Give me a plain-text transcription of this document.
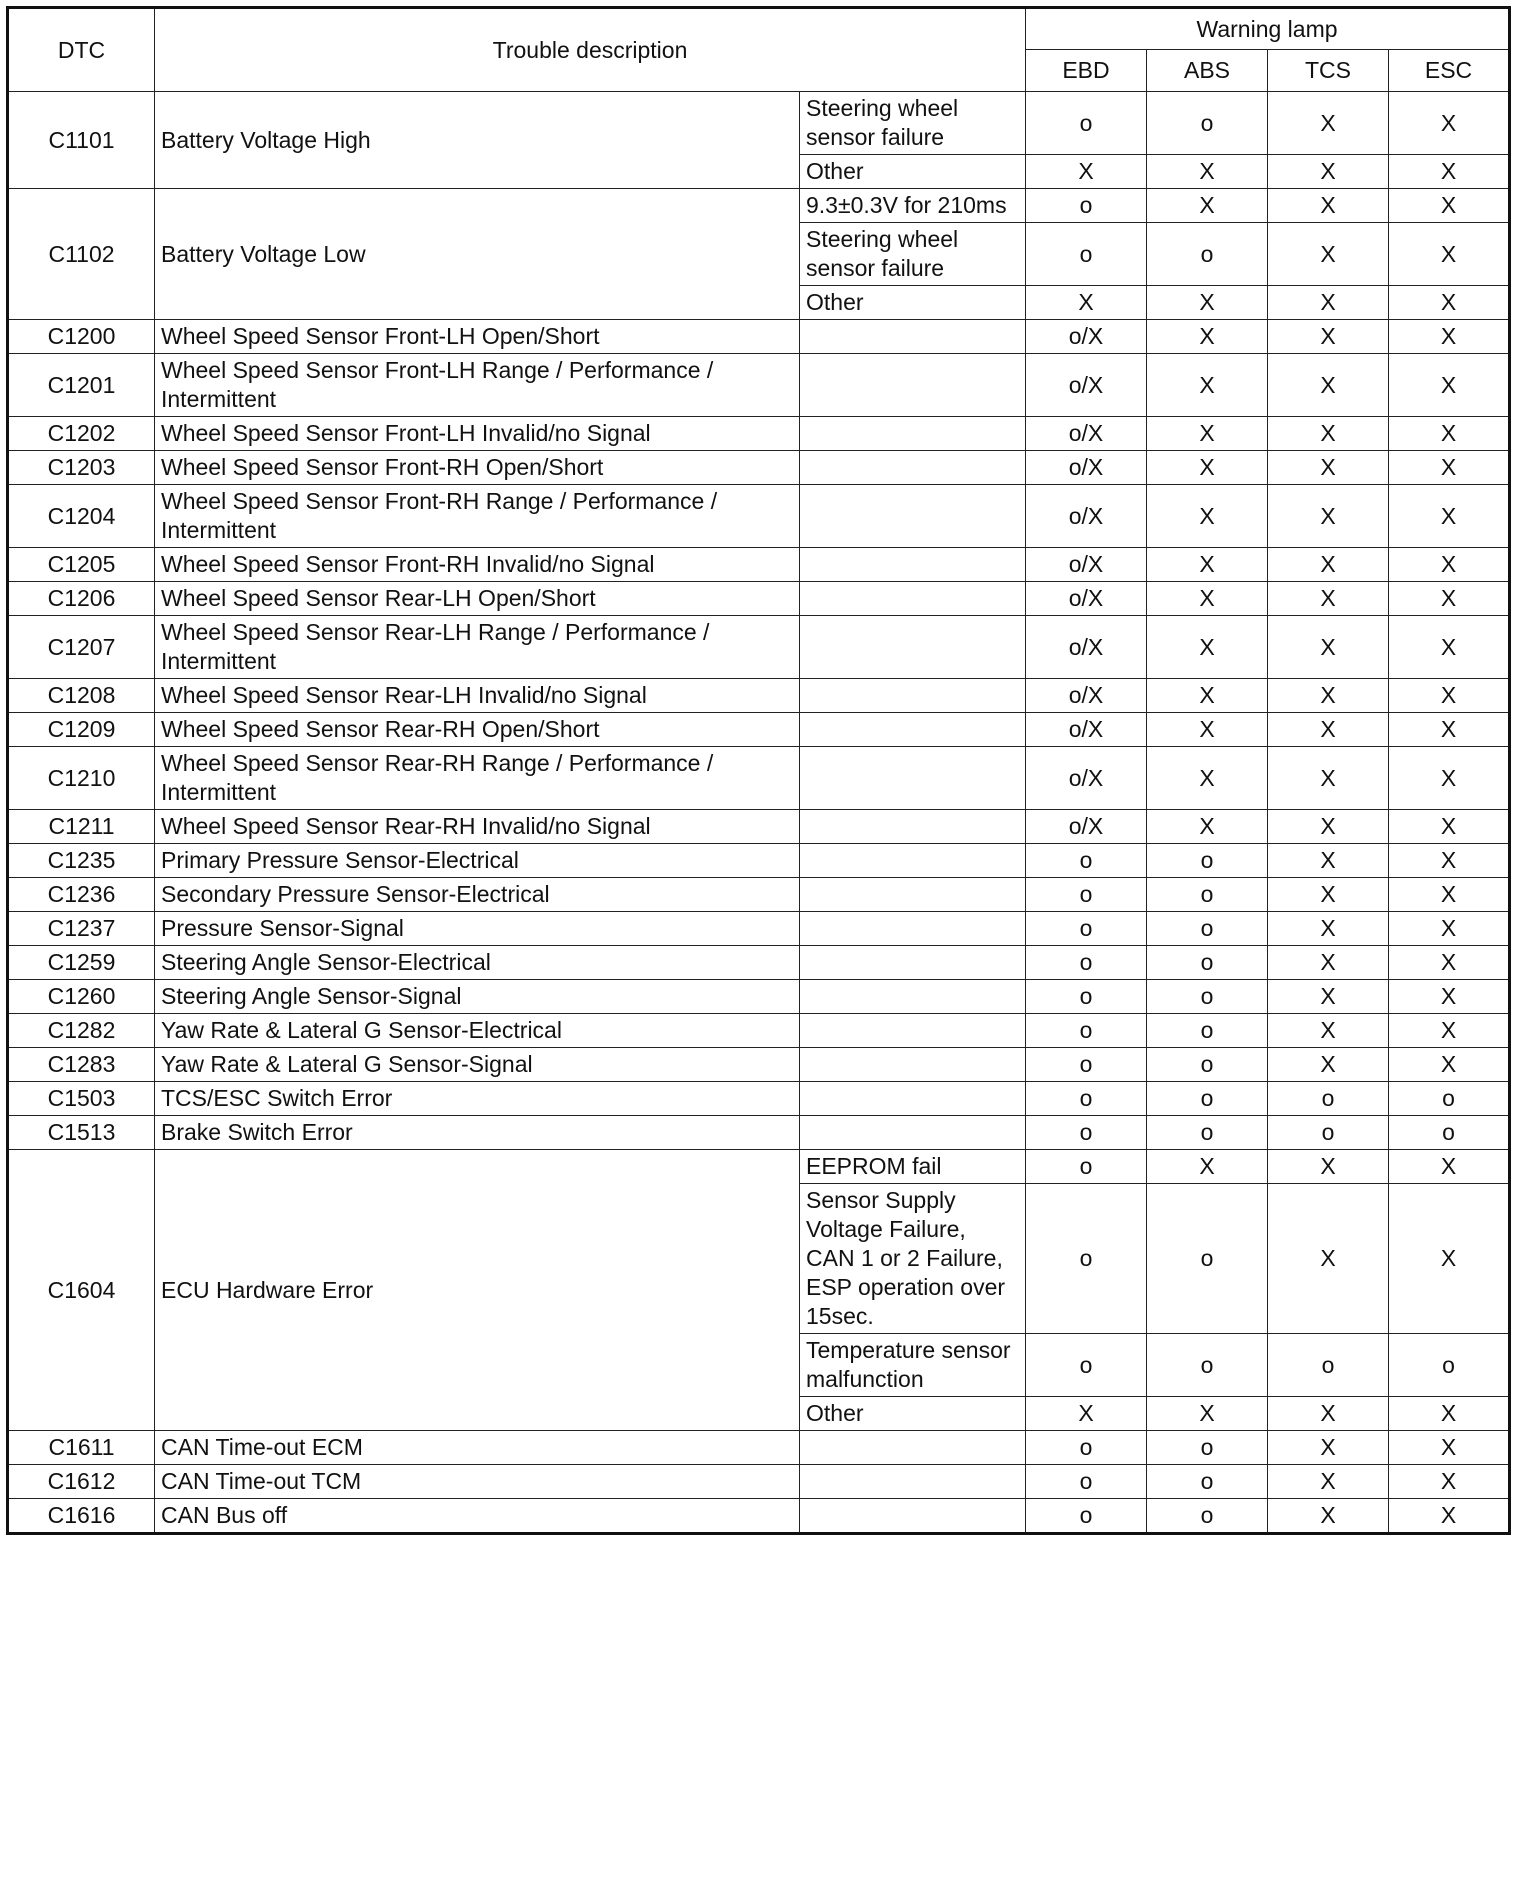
DTC	Trouble description		Warning lamp			
			EBD	ABS	TCS	ESC
C1101	Battery Voltage High	Steering wheel sensor failure	o	o	X	X
		Other	X	X	X	X
C1102	Battery Voltage Low	9.3±0.3V for 210ms	o	X	X	X
		Steering wheel sensor failure	o	o	X	X
		Other	X	X	X	X
C1200	Wheel Speed Sensor Front-LH Open/Short		o/X	X	X	X
C1201	Wheel Speed Sensor Front-LH Range / Performance / Intermittent		o/X	X	X	X
C1202	Wheel Speed Sensor Front-LH Invalid/no Signal		o/X	X	X	X
C1203	Wheel Speed Sensor Front-RH Open/Short		o/X	X	X	X
C1204	Wheel Speed Sensor Front-RH Range / Performance / Intermittent		o/X	X	X	X
C1205	Wheel Speed Sensor Front-RH Invalid/no Signal		o/X	X	X	X
C1206	Wheel Speed Sensor Rear-LH Open/Short		o/X	X	X	X
C1207	Wheel Speed Sensor Rear-LH Range / Performance / Intermittent		o/X	X	X	X
C1208	Wheel Speed Sensor Rear-LH Invalid/no Signal		o/X	X	X	X
C1209	Wheel Speed Sensor Rear-RH Open/Short		o/X	X	X	X
C1210	Wheel Speed Sensor Rear-RH Range / Performance / Intermittent		o/X	X	X	X
C1211	Wheel Speed Sensor Rear-RH Invalid/no Signal		o/X	X	X	X
C1235	Primary Pressure Sensor-Electrical		o	o	X	X
C1236	Secondary Pressure Sensor-Electrical		o	o	X	X
C1237	Pressure Sensor-Signal		o	o	X	X
C1259	Steering Angle Sensor-Electrical		o	o	X	X
C1260	Steering Angle Sensor-Signal		o	o	X	X
C1282	Yaw Rate & Lateral G Sensor-Electrical		o	o	X	X
C1283	Yaw Rate & Lateral G Sensor-Signal		o	o	X	X
C1503	TCS/ESC Switch Error		o	o	o	o
C1513	Brake Switch Error		o	o	o	o
C1604	ECU Hardware Error	EEPROM fail	o	X	X	X
		Sensor Supply Voltage Failure, CAN 1 or 2 Failure, ESP operation over 15sec.	o	o	X	X
		Temperature sensor malfunction	o	o	o	o
		Other	X	X	X	X
C1611	CAN Time-out ECM		o	o	X	X
C1612	CAN Time-out TCM		o	o	X	X
C1616	CAN Bus off		o	o	X	X
